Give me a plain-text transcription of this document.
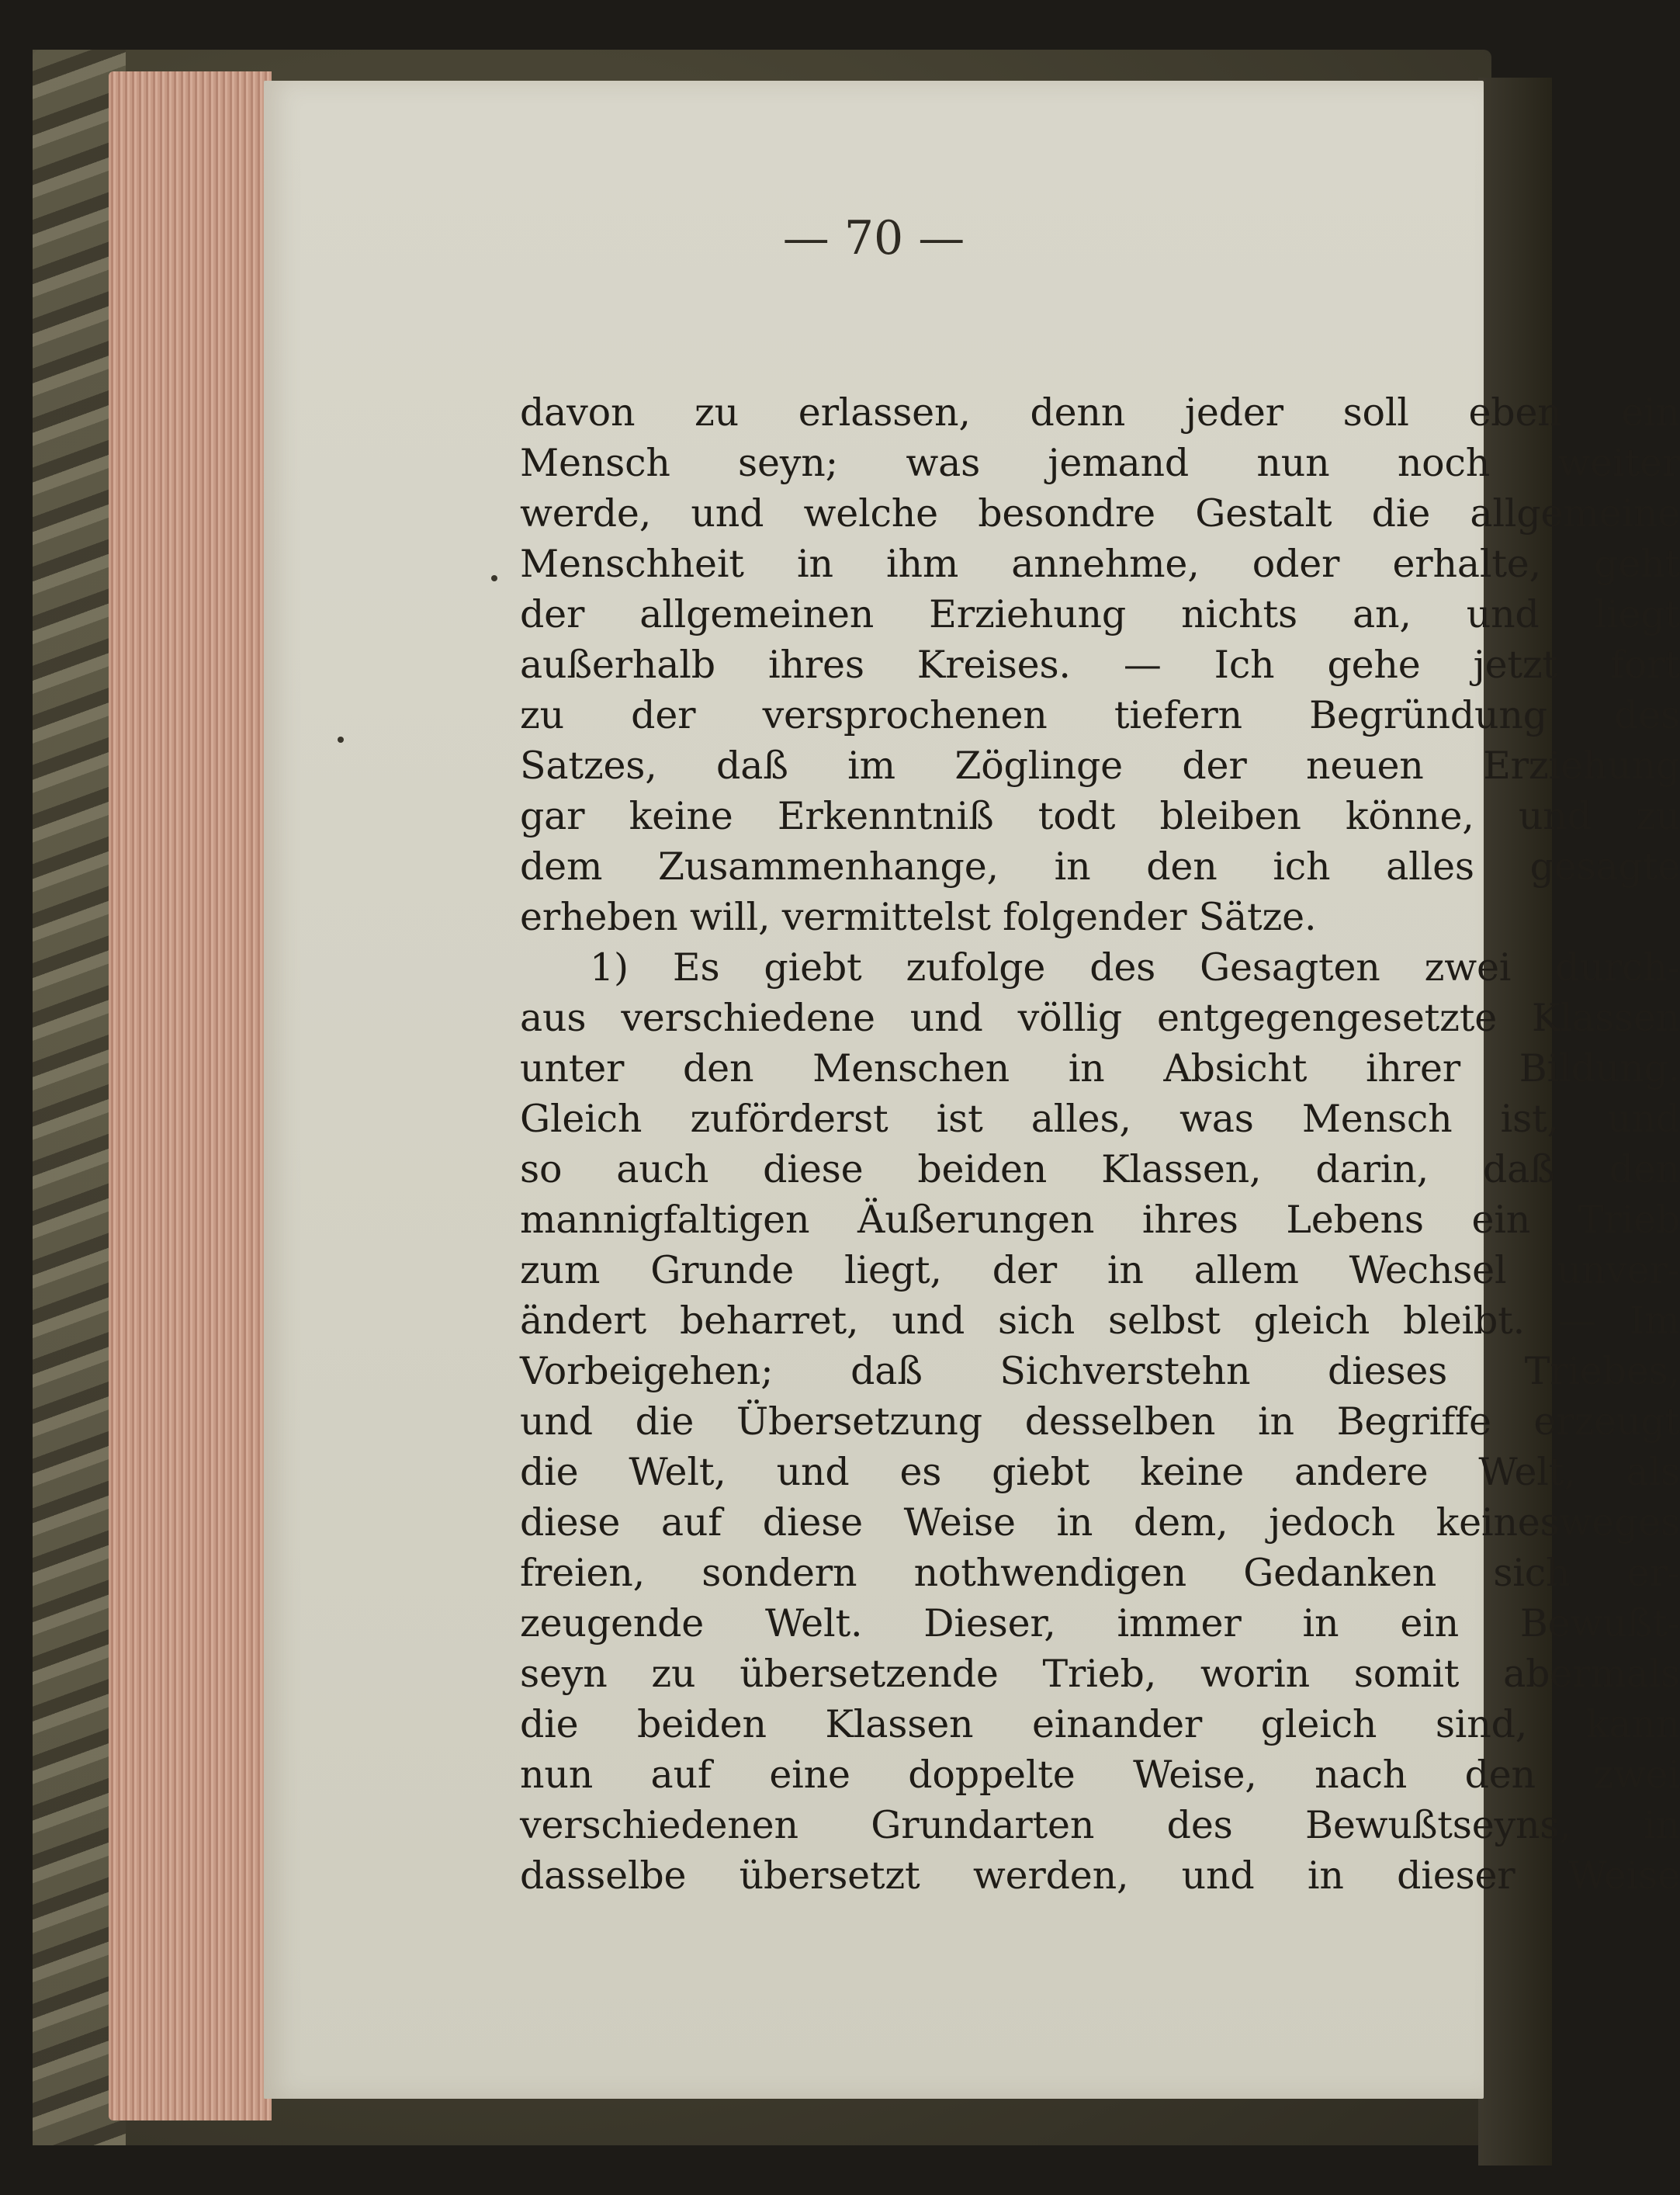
— 70 —
davon zu erlassen, denn jeder soll eben ein
Mensch seyn; was jemand nun noch weiter
werde, und welche besondre Gestalt die allgemeine
Menschheit in ihm annehme, oder erhalte, geht
der allgemeinen Erziehung nichts an, und liegt
außerhalb ihres Kreises. — Ich gehe jetzt fort
zu der versprochenen tiefern Begründung des
Satzes, daß im Zöglinge der neuen Erziehung
gar keine Erkenntniß todt bleiben könne, und zu
dem Zusammenhange, in den ich alles gesagte
erheben will, vermittelst folgender Sätze.
1) Es giebt zufolge des Gesagten zwei durch-
aus verschiedene und völlig entgegengesetzte Klassen
unter den Menschen in Absicht ihrer Bildung.
Gleich zuförderst ist alles, was Mensch ist, und
so auch diese beiden Klassen, darin, daß den
mannigfaltigen Äußerungen ihres Lebens ein Trieb
zum Grunde liegt, der in allem Wechsel unver-
ändert beharret, und sich selbst gleich bleibt. — Im
Vorbeigehen; daß Sichverstehn dieses Triebes,
und die Übersetzung desselben in Begriffe erzeugt
die Welt, und es giebt keine andere Welt, als
diese auf diese Weise in dem, jedoch keinesweges
freien, sondern nothwendigen Gedanken sich er-
zeugende Welt. Dieser, immer in ein Bewußt-
seyn zu übersetzende Trieb, worin somit abermals
die beiden Klassen einander gleich sind, kann
nun auf eine doppelte Weise, nach den zwei
verschiedenen Grundarten des Bewußtseyns, in
dasselbe übersetzt werden, und in dieser Weise
